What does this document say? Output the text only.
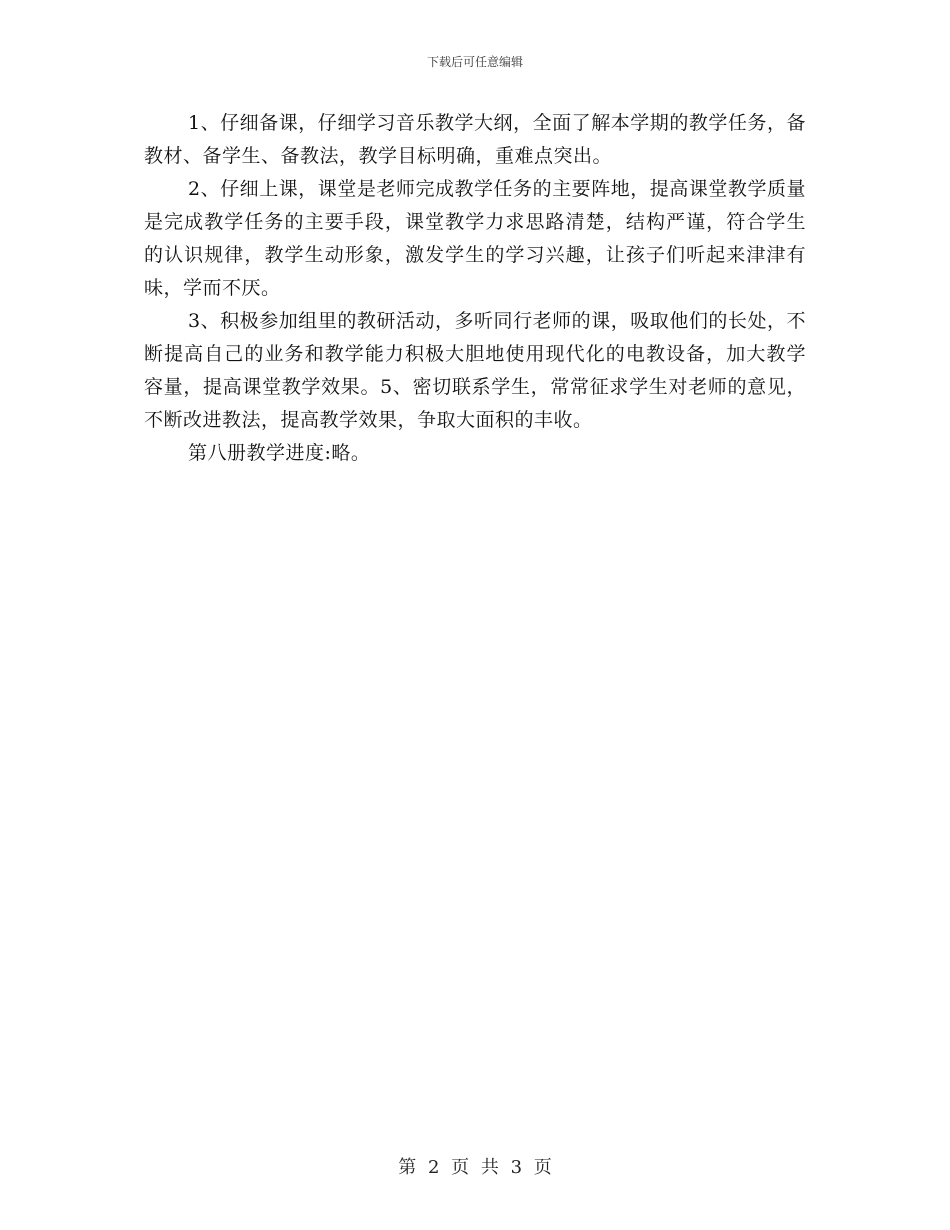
下载后可任意编辑

1、仔细备课，仔细学习音乐教学大纲，全面了解本学期的教学任务，备教材、备学生、备教法，教学目标明确，重难点突出。

2、仔细上课，课堂是老师完成教学任务的主要阵地，提高课堂教学质量是完成教学任务的主要手段，课堂教学力求思路清楚，结构严谨，符合学生的认识规律，教学生动形象，激发学生的学习兴趣，让孩子们听起来津津有味，学而不厌。

3、积极参加组里的教研活动，多听同行老师的课，吸取他们的长处，不断提高自己的业务和教学能力积极大胆地使用现代化的电教设备，加大教学容量，提高课堂教学效果。5、密切联系学生，常常征求学生对老师的意见，不断改进教法，提高教学效果，争取大面积的丰收。

第八册教学进度:略。

第 2 页 共 3 页
